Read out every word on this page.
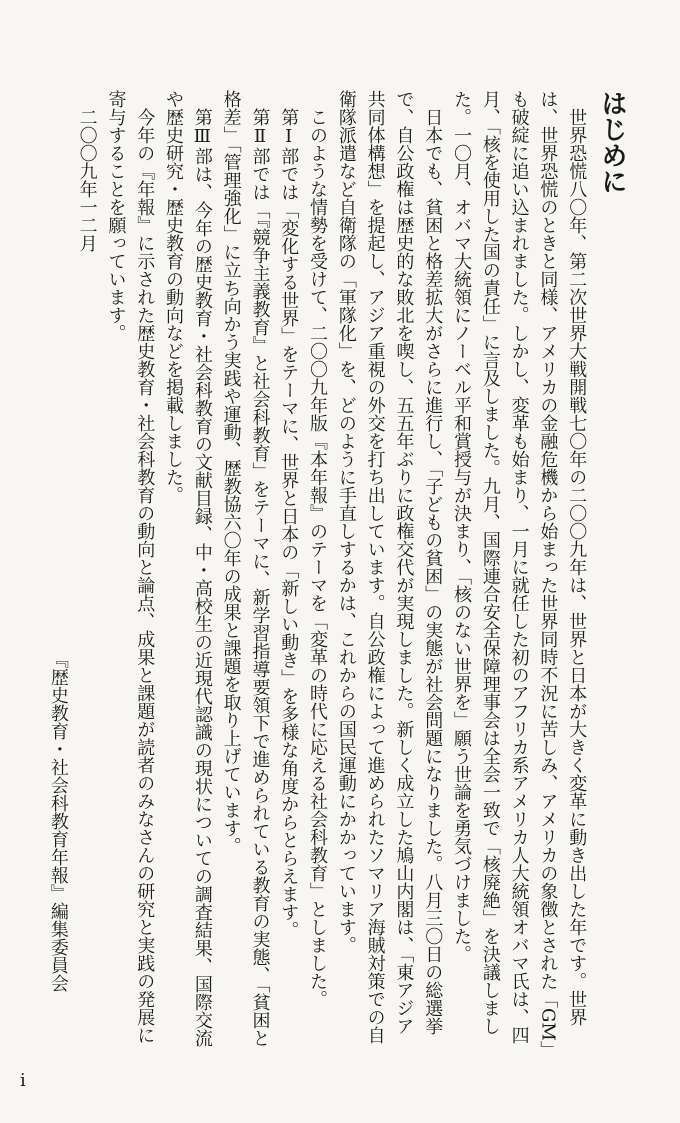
はじめに

世界恐慌八〇年、第二次世界大戦開戦七〇年の二〇〇九年は、世界と日本が大きく変革に動き出した年です。世界は、世界恐慌のときと同様、アメリカの金融危機から始まった世界同時不況に苦しみ、アメリカの象徴とされた「GM」も破綻に追い込まれました。しかし、変革も始まり、一月に就任した初のアフリカ系アメリカ人大統領オバマ氏は、四月、「核を使用した国の責任」に言及しました。九月、国際連合安全保障理事会は全会一致で「核廃絶」を決議しました。一〇月、オバマ大統領にノーベル平和賞授与が決まり、「核のない世界を」願う世論を勇気づけました。

日本でも、貧困と格差拡大がさらに進行し、「子どもの貧困」の実態が社会問題になりました。八月三〇日の総選挙で、自公政権は歴史的な敗北を喫し、五五年ぶりに政権交代が実現しました。新しく成立した鳩山内閣は、「東アジア共同体構想」を提起し、アジア重視の外交を打ち出しています。自公政権によって進められたソマリア海賊対策での自衛隊派遣など自衛隊の「軍隊化」を、どのように手直しするかは、これからの国民運動にかかっています。

このような情勢を受けて、二〇〇九年版『本年報』のテーマを「変革の時代に応える社会科教育」としました。

第Ⅰ部では「変化する世界」をテーマに、世界と日本の「新しい動き」を多様な角度からとらえます。

第Ⅱ部では「『競争主義教育』と社会科教育」をテーマに、新学習指導要領下で進められている教育の実態、「貧困と格差」「管理強化」に立ち向かう実践や運動、歴教協六〇年の成果と課題を取り上げています。

第Ⅲ部は、今年の歴史教育・社会科教育の文献目録、中・高校生の近現代認識の現状についての調査結果、国際交流や歴史研究・歴史教育の動向などを掲載しました。

今年の『年報』に示された歴史教育・社会科教育の動向と論点、成果と課題が読者のみなさんの研究と実践の発展に寄与することを願っています。

二〇〇九年一二月

『歴史教育・社会科教育年報』編集委員会

i
